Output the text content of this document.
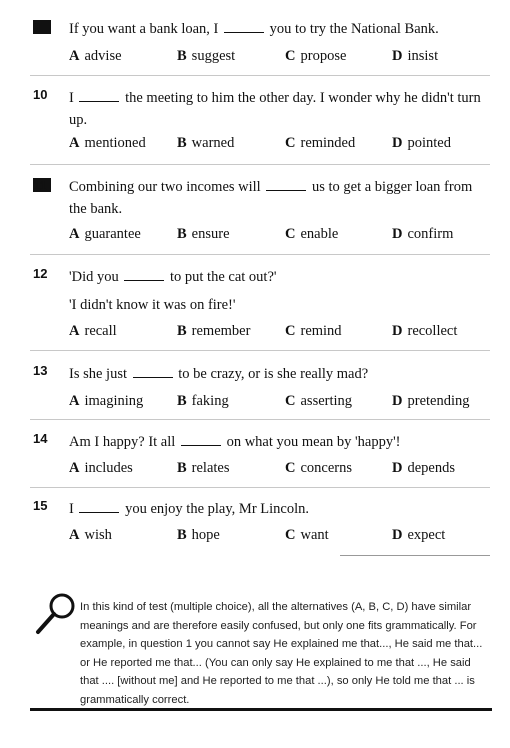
9	If you want a bank loan, I	you to try the National Bank.
A advise	B suggest	C propose	D insist
10 I	the meeting to him the other day. I wonder why he didn't turn up.
A mentioned B warned	C reminded	D pointed
11 Combining our two incomes will	us to get a bigger loan from the bank.
A guarantee B ensure	C enable	D confirm
12 'Did you	to put the cat out?'
'I didn't know it was on fire!'
A recall	B remember C remind	D recollect
13 Is she just	to be crazy, or is she really mad?
A imagining B faking	C asserting	D pretending
14 Am I happy? It all	on what you mean by 'happy'!
A includes	B relates	C concerns	D depends
15 I	you enjoy the play, Mr Lincoln.
A wish	B hope	C want	D expect
In this kind of test (multiple choice), all the alternatives (A, B, C, D) have similar meanings and are therefore easily confused, but only one fits grammatically. For example, in question 1 you cannot say He explained me that..., He said me that... or He reported me that... (You can only say He explained to me that ..., He said that .... [without me] and He reported to me that ...), so only He told me that ... is grammatically correct.
